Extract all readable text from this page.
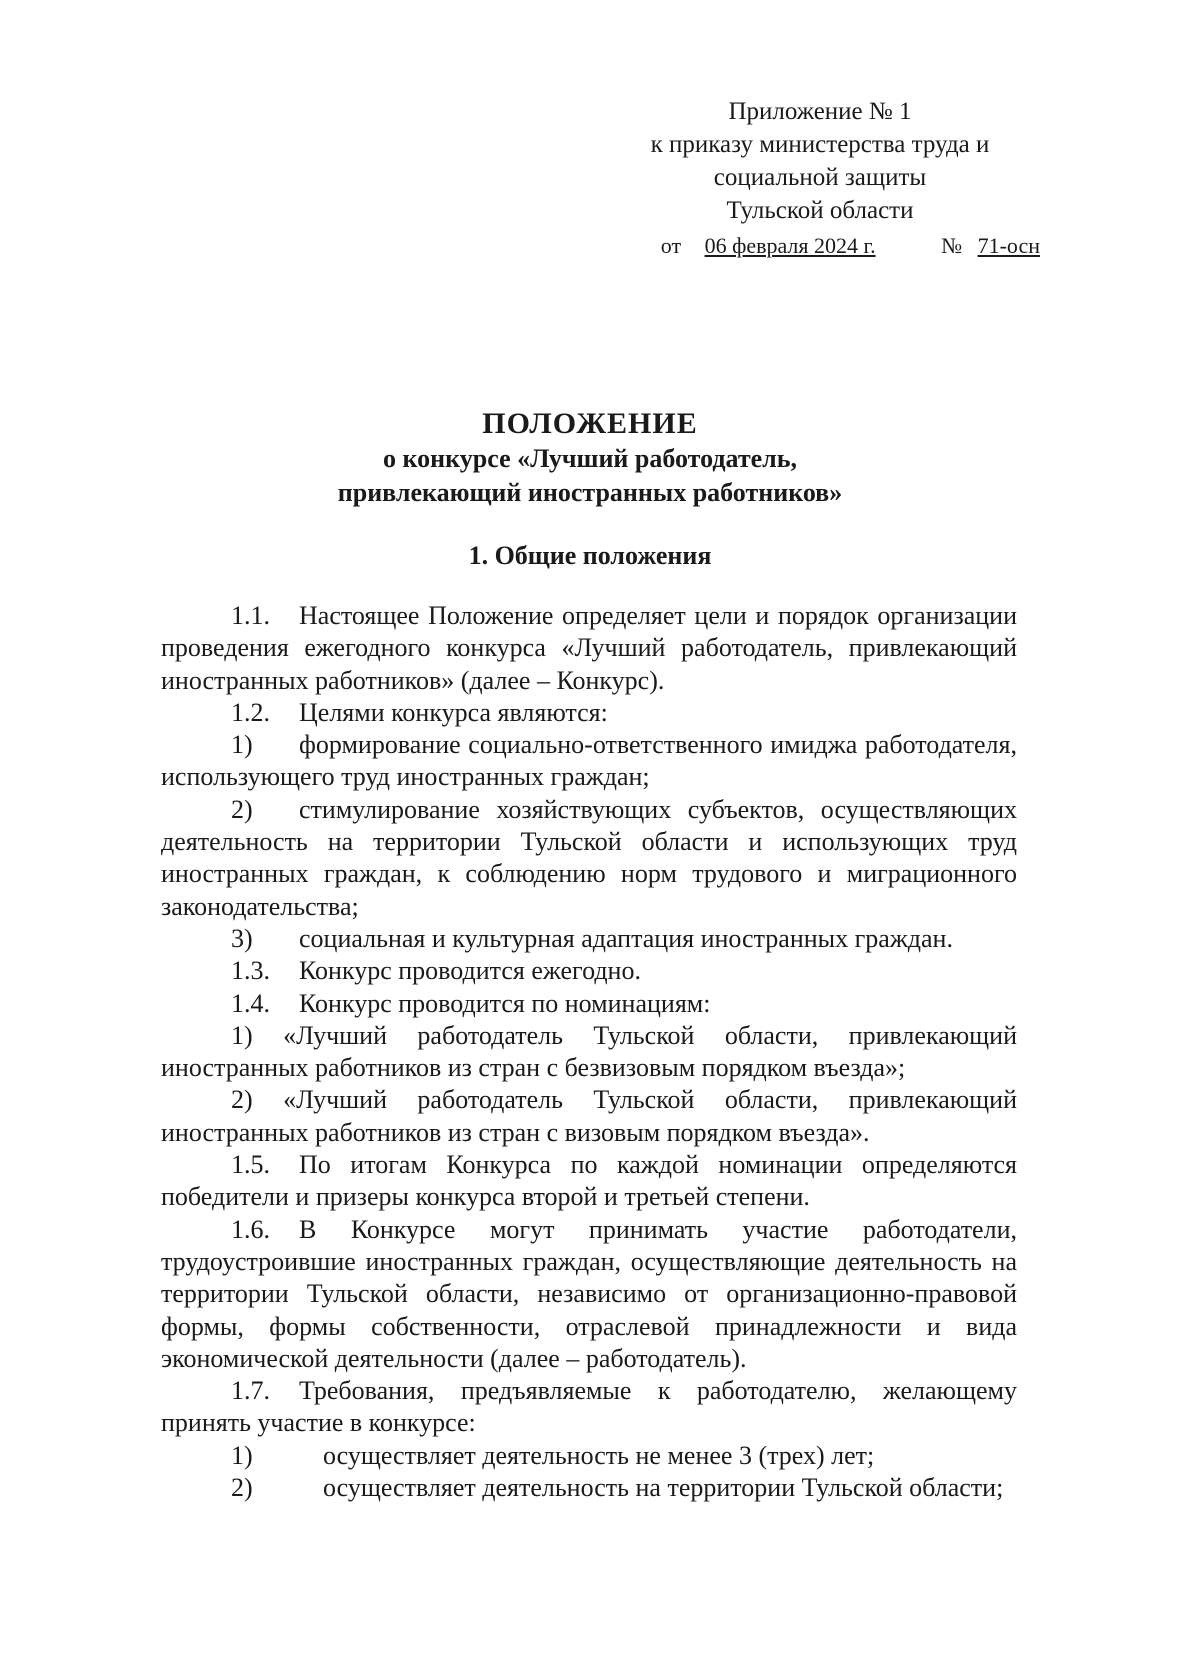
Приложение № 1
к приказу министерства труда и
социальной защиты
Тульской области
от 06 февраля 2024 г.	№ 71-осн
ПОЛОЖЕНИЕ
о конкурсе «Лучший работодатель,
привлекающий иностранных работников»
1. Общие положения

1.1. Настоящее Положение определяет цели и порядок организации проведения ежегодного конкурса «Лучший работодатель, привлекающий иностранных работников» (далее – Конкурс).

1.2. Целями конкурса являются:

1) формирование социально-ответственного имиджа работодателя, использующего труд иностранных граждан;

2) стимулирование хозяйствующих субъектов, осуществляющих деятельность на территории Тульской области и использующих труд иностранных граждан, к соблюдению норм трудового и миграционного законодательства;

3) социальная и культурная адаптация иностранных граждан.

1.3. Конкурс проводится ежегодно.

1.4. Конкурс проводится по номинациям:

1) «Лучший работодатель Тульской области, привлекающий иностранных работников из стран с безвизовым порядком въезда»;

2) «Лучший работодатель Тульской области, привлекающий иностранных работников из стран с визовым порядком въезда».

1.5. По итогам Конкурса по каждой номинации определяются победители и призеры конкурса второй и третьей степени.

1.6. В Конкурсе могут принимать участие работодатели, трудоустроившие иностранных граждан, осуществляющие деятельность на территории Тульской области, независимо от организационно-правовой формы, формы собственности, отраслевой принадлежности и вида экономической деятельности (далее – работодатель).

1.7. Требования, предъявляемые к работодателю, желающему принять участие в конкурсе:

1)	осуществляет деятельность не менее 3 (трех) лет;

2)	осуществляет деятельность на территории Тульской области;
